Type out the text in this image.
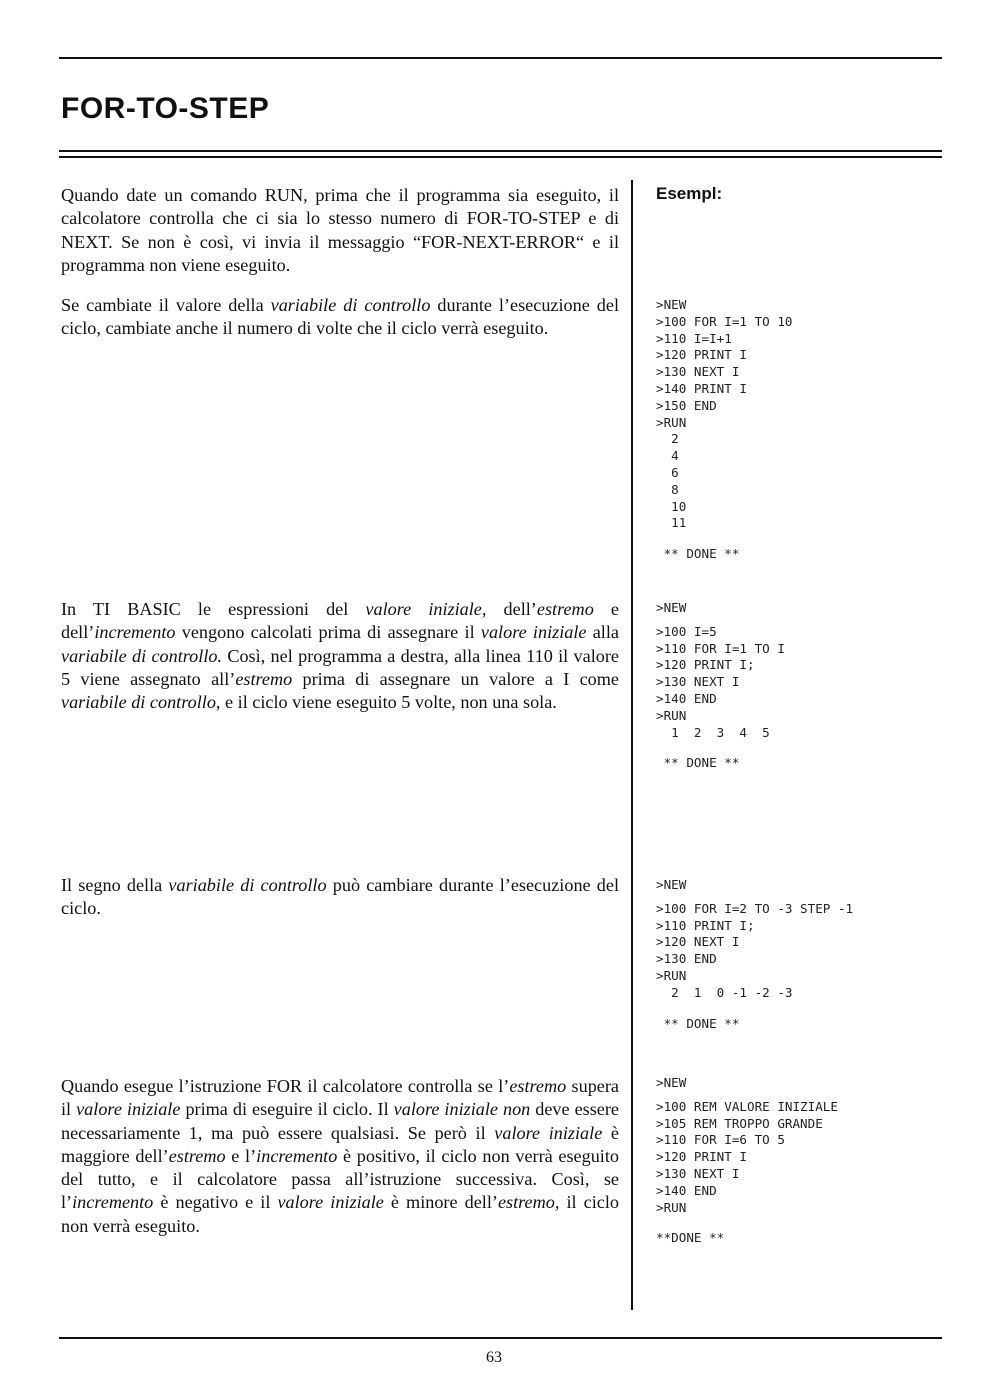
FOR-TO-STEP
Esempl:

Quando date un comando RUN, prima che il programma sia eseguito, il calcolatore controlla che ci sia lo stesso numero di FOR-TO-STEP e di NEXT. Se non è così, vi invia il messaggio “FOR-NEXT-ERROR“ e il programma non viene eseguito.

Se cambiate il valore della variabile di controllo durante l’esecuzione del ciclo, cambiate anche il numero di volte che il ciclo verrà eseguito.

In TI BASIC le espressioni del valore iniziale, dell’estremo e dell’incremento vengono calcolati prima di assegnare il valore iniziale alla variabile di controllo. Così, nel programma a destra, alla linea 110 il valore 5 viene assegnato all’estremo prima di assegnare un valore a I come variabile di controllo, e il ciclo viene eseguito 5 volte, non una sola.

Il segno della variabile di controllo può cambiare durante l’esecuzione del ciclo.

Quando esegue l’istruzione FOR il calcolatore controlla se l’estremo supera il valore iniziale prima di eseguire il ciclo. Il valore iniziale non deve essere necessariamente 1, ma può essere qualsiasi. Se però il valore iniziale è maggiore dell’estremo e l’incremento è positivo, il ciclo non verrà eseguito del tutto, e il calcolatore passa all’istruzione successiva. Così, se l’incremento è negativo e il valore iniziale è minore dell’estremo, il ciclo non verrà eseguito.

>NEW
>100 FOR I=1 TO 10
>110 I=I+1
>120 PRINT I
>130 NEXT I
>140 PRINT I
>150 END
>RUN
2
4
6
8
10
11
** DONE **
>NEW
>100 I=5
>110 FOR I=1 TO I
>120 PRINT I;
>130 NEXT I
>140 END
>RUN
1  2  3  4  5
** DONE **
>NEW
>100 FOR I=2 TO -3 STEP -1
>110 PRINT I;
>120 NEXT I
>130 END
>RUN
2  1  0 -1 -2 -3
** DONE **
>NEW
>100 REM VALORE INIZIALE
>105 REM TROPPO GRANDE
>110 FOR I=6 TO 5
>120 PRINT I
>130 NEXT I
>140 END
>RUN
**DONE **
63
